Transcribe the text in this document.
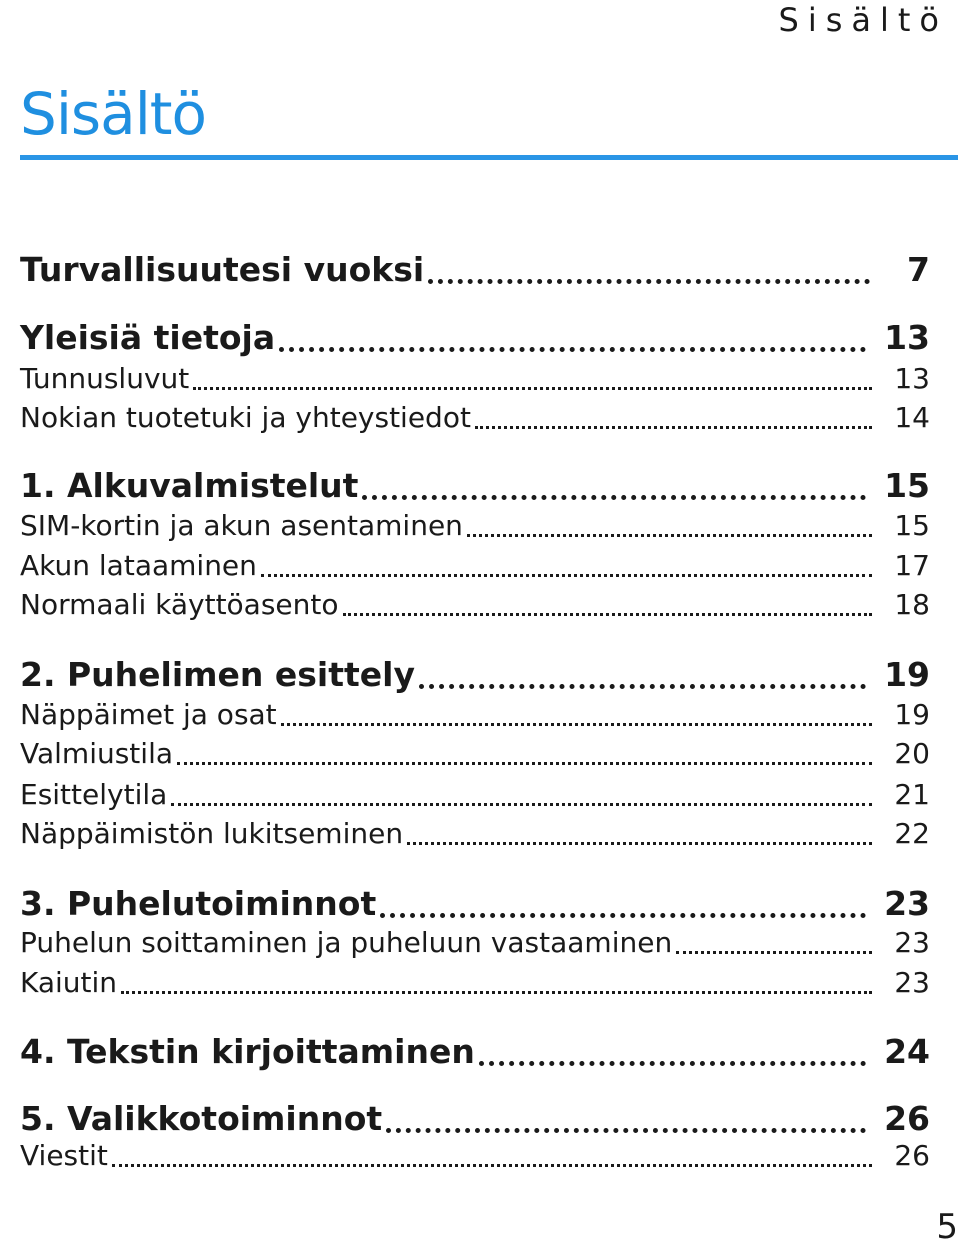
Sisältö
Sisältö
Turvallisuutesi vuoksi	7
Yleisiä tietoja	13
Tunnusluvut	13
Nokian tuotetuki ja yhteystiedot	14
1. Alkuvalmistelut	15
SIM-kortin ja akun asentaminen	15
Akun lataaminen	17
Normaali käyttöasento	18
2. Puhelimen esittely	19
Näppäimet ja osat	19
Valmiustila	20
Esittelytila	21
Näppäimistön lukitseminen	22
3. Puhelutoiminnot	23
Puhelun soittaminen ja puheluun vastaaminen	23
Kaiutin	23
4. Tekstin kirjoittaminen	24
5. Valikkotoiminnot	26
Viestit	26
5
